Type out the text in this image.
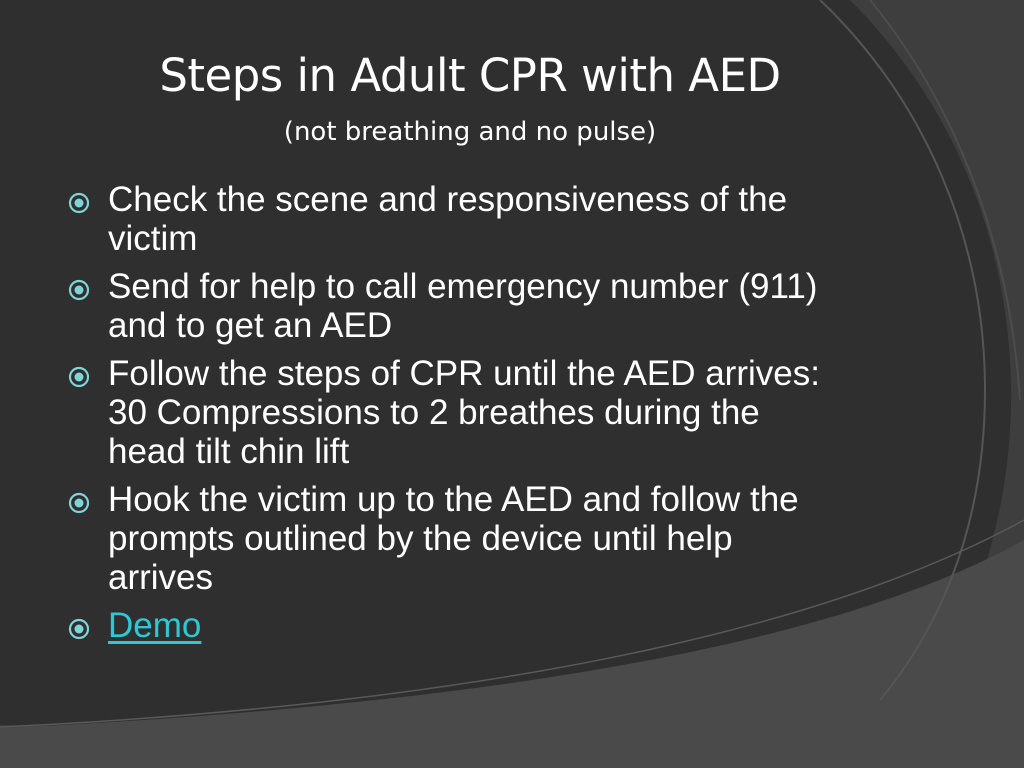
Steps in Adult CPR with AED
(not breathing and no pulse)
Check the scene and responsiveness of the victim
Send for help to call emergency number (911) and to get an AED
Follow the steps of CPR until the AED arrives: 30 Compressions to 2 breathes during the head tilt chin lift
Hook the victim up to the AED and follow the prompts outlined by the device until help arrives
Demo
